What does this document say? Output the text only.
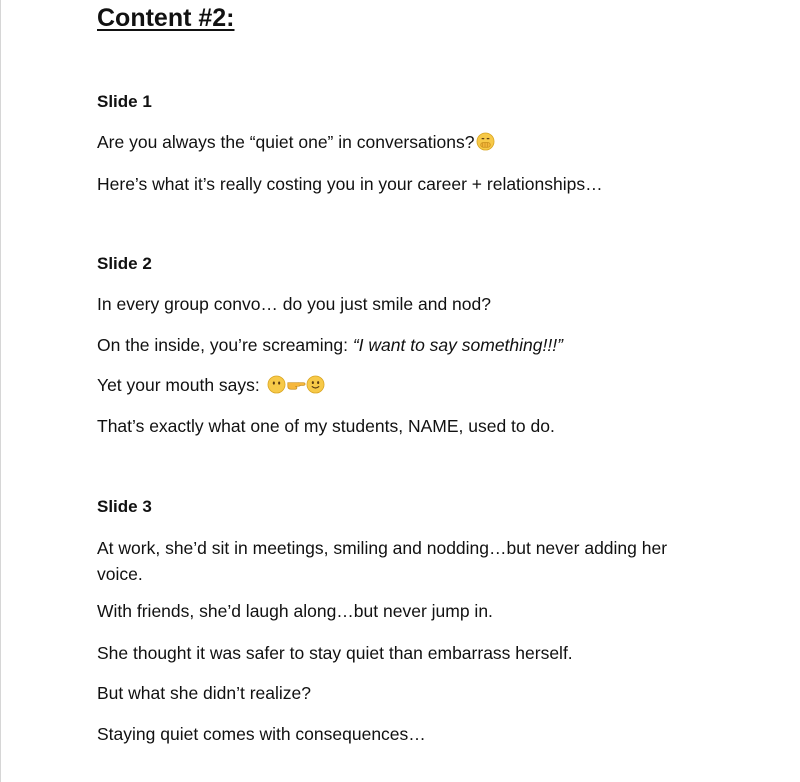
Content #2:
Slide 1
Are you always the “quiet one” in conversations?
Here’s what it’s really costing you in your career + relationships…
Slide 2
In every group convo… do you just smile and nod?
On the inside, you’re screaming: “I want to say something!!!”
Yet your mouth says:
That’s exactly what one of my students, NAME, used to do.
Slide 3
At work, she’d sit in meetings, smiling and nodding…but never adding her voice.
With friends, she’d laugh along…but never jump in.
She thought it was safer to stay quiet than embarrass herself.
But what she didn’t realize?
Staying quiet comes with consequences…
